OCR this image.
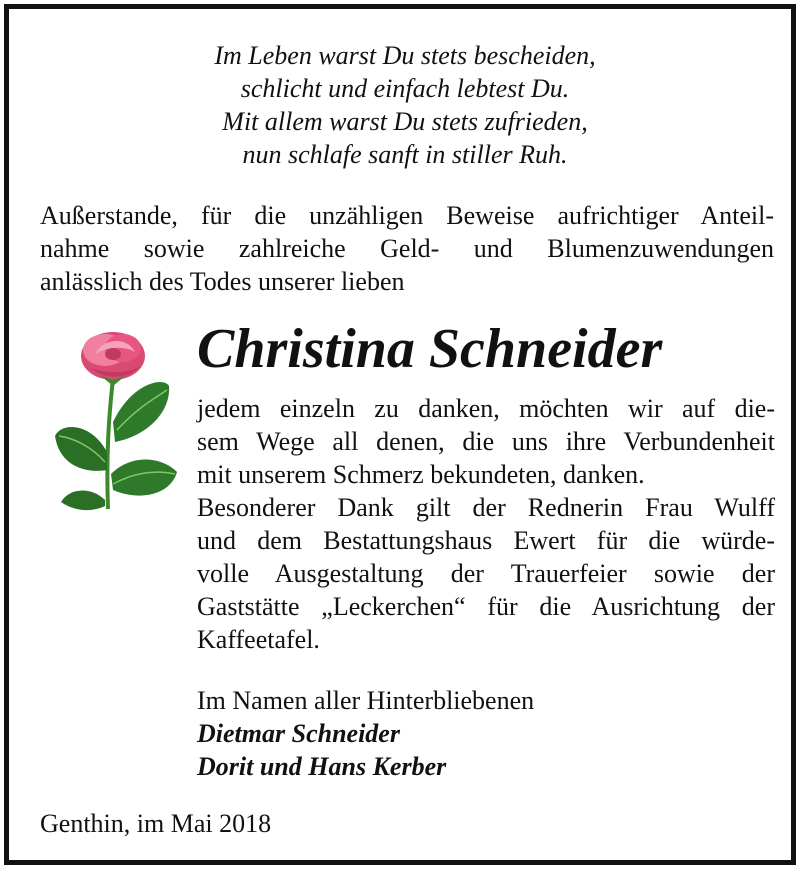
Im Leben warst Du stets bescheiden,
schlicht und einfach lebtest Du.
Mit allem warst Du stets zufrieden,
nun schlafe sanft in stiller Ruh.
Außerstande, für die unzähligen Beweise aufrichtiger Anteil-
nahme sowie zahlreiche Geld- und Blumenzuwendungen
anlässlich des Todes unserer lieben
Christina Schneider
jedem einzeln zu danken, möchten wir auf die-
sem Wege all denen, die uns ihre Verbundenheit
mit unserem Schmerz bekundeten, danken.
Besonderer Dank gilt der Rednerin Frau Wulff
und dem Bestattungshaus Ewert für die würde-
volle Ausgestaltung der Trauerfeier sowie der
Gaststätte „Leckerchen“ für die Ausrichtung der
Kaffeetafel.
Im Namen aller Hinterbliebenen
Dietmar Schneider
Dorit und Hans Kerber
Genthin, im Mai 2018
